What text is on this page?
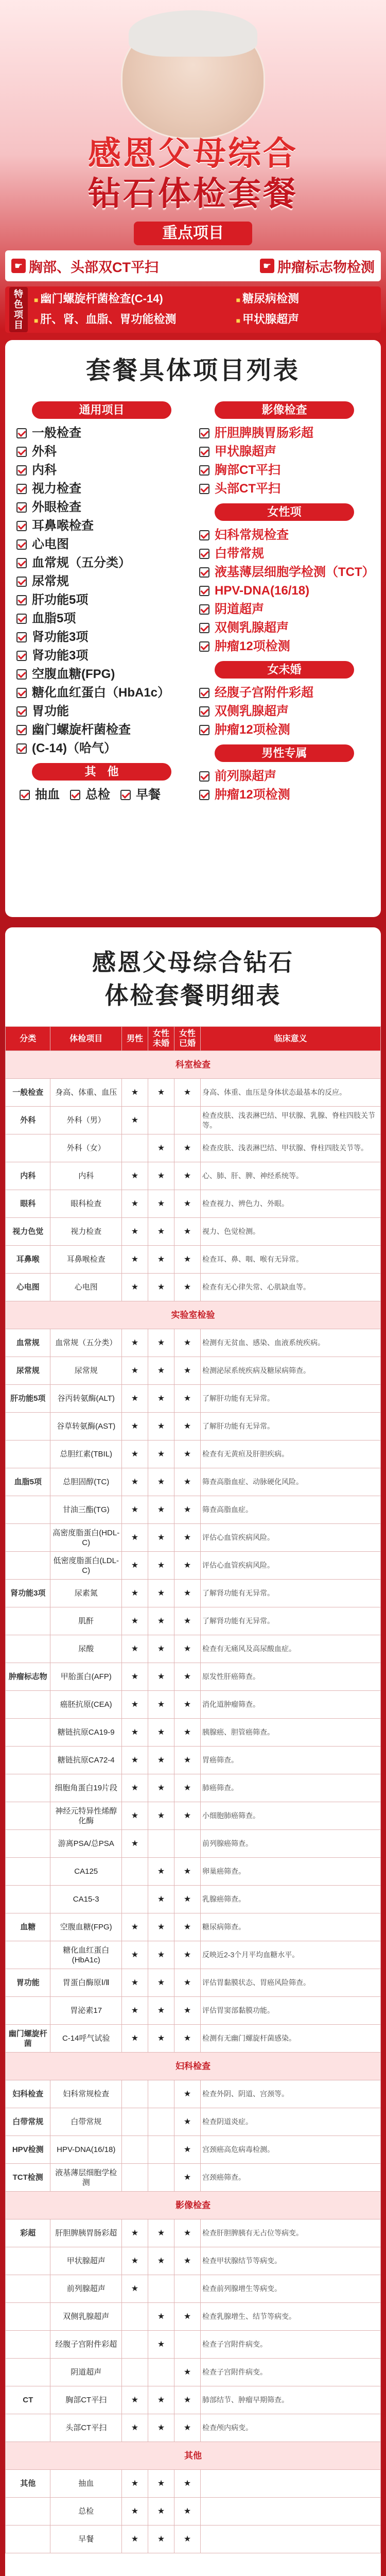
感恩父母综合
钻石体检套餐
重点项目
☛ 胸部、头部双CT平扫	☛ 肿瘤标志物检测
特色项目
■ 幽门螺旋杆菌检查(C-14)	■ 糖尿病检测
■ 肝、肾、血脂、胃功能检测	■ 甲状腺超声
套餐具体项目列表
通用项目
一般检查
外科
内科
视力检查
外眼检查
耳鼻喉检查
心电图
血常规（五分类）
尿常规
肝功能5项
血脂5项
肾功能3项
肾功能3项
空腹血糖(FPG)
糖化血红蛋白（HbA1c）
胃功能
幽门螺旋杆菌检查
(C-14)（哈气）
其　他
抽血 总检 早餐
影像检查
肝胆脾胰胃肠彩超
甲状腺超声
胸部CT平扫
头部CT平扫
女性项
妇科常规检查
白带常规
液基薄层细胞学检测（TCT）
HPV-DNA(16/18)
阴道超声
双侧乳腺超声
肿瘤12项检测
女未婚
经腹子宫附件彩超
双侧乳腺超声
肿瘤12项检测
男性专属
前列腺超声
肿瘤12项检测
感恩父母综合钻石
体检套餐明细表
分类	体检项目	男性	女性 未婚	女性 已婚	临床意义
科室检查					
一般检查	身高、体重、血压	★	★	★	身高、体重、血压是身体状态最基本的反应。
外科	外科（男）	★			检查皮肤、浅表淋巴结、甲状腺、乳腺、脊柱四肢关节等。
	外科（女）		★	★	检查皮肤、浅表淋巴结、甲状腺、脊柱四肢关节等。
内科	内科	★	★	★	心、肺、肝、脾、神经系统等。
眼科	眼科检查	★	★	★	检查视力、辨色力、外眼。
视力色觉	视力检查	★	★	★	视力、色觉检测。
耳鼻喉	耳鼻喉检查	★	★	★	检查耳、鼻、咽、喉有无异常。
心电图	心电图	★	★	★	检查有无心律失常、心肌缺血等。
实验室检验					
血常规	血常规（五分类）	★	★	★	检测有无贫血、感染、血液系统疾病。
尿常规	尿常规	★	★	★	检测泌尿系统疾病及糖尿病筛查。
肝功能5项	谷丙转氨酶(ALT)	★	★	★	了解肝功能有无异常。
	谷草转氨酶(AST)	★	★	★	了解肝功能有无异常。
	总胆红素(TBIL)	★	★	★	检查有无黄疸及肝胆疾病。
血脂5项	总胆固醇(TC)	★	★	★	筛查高脂血症、动脉硬化风险。
	甘油三酯(TG)	★	★	★	筛查高脂血症。
	高密度脂蛋白(HDL-C)	★	★	★	评估心血管疾病风险。
	低密度脂蛋白(LDL-C)	★	★	★	评估心血管疾病风险。
肾功能3项	尿素氮	★	★	★	了解肾功能有无异常。
	肌酐	★	★	★	了解肾功能有无异常。
	尿酸	★	★	★	检查有无痛风及高尿酸血症。
肿瘤标志物	甲胎蛋白(AFP)	★	★	★	原发性肝癌筛查。
	癌胚抗原(CEA)	★	★	★	消化道肿瘤筛查。
	糖链抗原CA19-9	★	★	★	胰腺癌、胆管癌筛查。
	糖链抗原CA72-4	★	★	★	胃癌筛查。
	细胞角蛋白19片段	★	★	★	肺癌筛查。
	神经元特异性烯醇化酶	★	★	★	小细胞肺癌筛查。
	游离PSA/总PSA	★			前列腺癌筛查。
	CA125		★	★	卵巢癌筛查。
	CA15-3		★	★	乳腺癌筛查。
血糖	空腹血糖(FPG)	★	★	★	糖尿病筛查。
	糖化血红蛋白(HbA1c)	★	★	★	反映近2-3个月平均血糖水平。
胃功能	胃蛋白酶原Ⅰ/Ⅱ	★	★	★	评估胃黏膜状态、胃癌风险筛查。
	胃泌素17	★	★	★	评估胃窦部黏膜功能。
幽门螺旋杆菌	C-14呼气试验	★	★	★	检测有无幽门螺旋杆菌感染。
妇科检查					
妇科检查	妇科常规检查			★	检查外阴、阴道、宫颈等。
白带常规	白带常规			★	检查阴道炎症。
HPV检测	HPV-DNA(16/18)			★	宫颈癌高危病毒检测。
TCT检测	液基薄层细胞学检测			★	宫颈癌筛查。
影像检查					
彩超	肝胆脾胰胃肠彩超	★	★	★	检查肝胆脾胰有无占位等病变。
	甲状腺超声	★	★	★	检查甲状腺结节等病变。
	前列腺超声	★			检查前列腺增生等病变。
	双侧乳腺超声		★	★	检查乳腺增生、结节等病变。
	经腹子宫附件彩超		★		检查子宫附件病变。
	阴道超声			★	检查子宫附件病变。
CT	胸部CT平扫	★	★	★	肺部结节、肿瘤早期筛查。
	头部CT平扫	★	★	★	检查颅内病变。
其他					
其他	抽血	★	★	★	
	总检	★	★	★	
	早餐	★	★	★	
